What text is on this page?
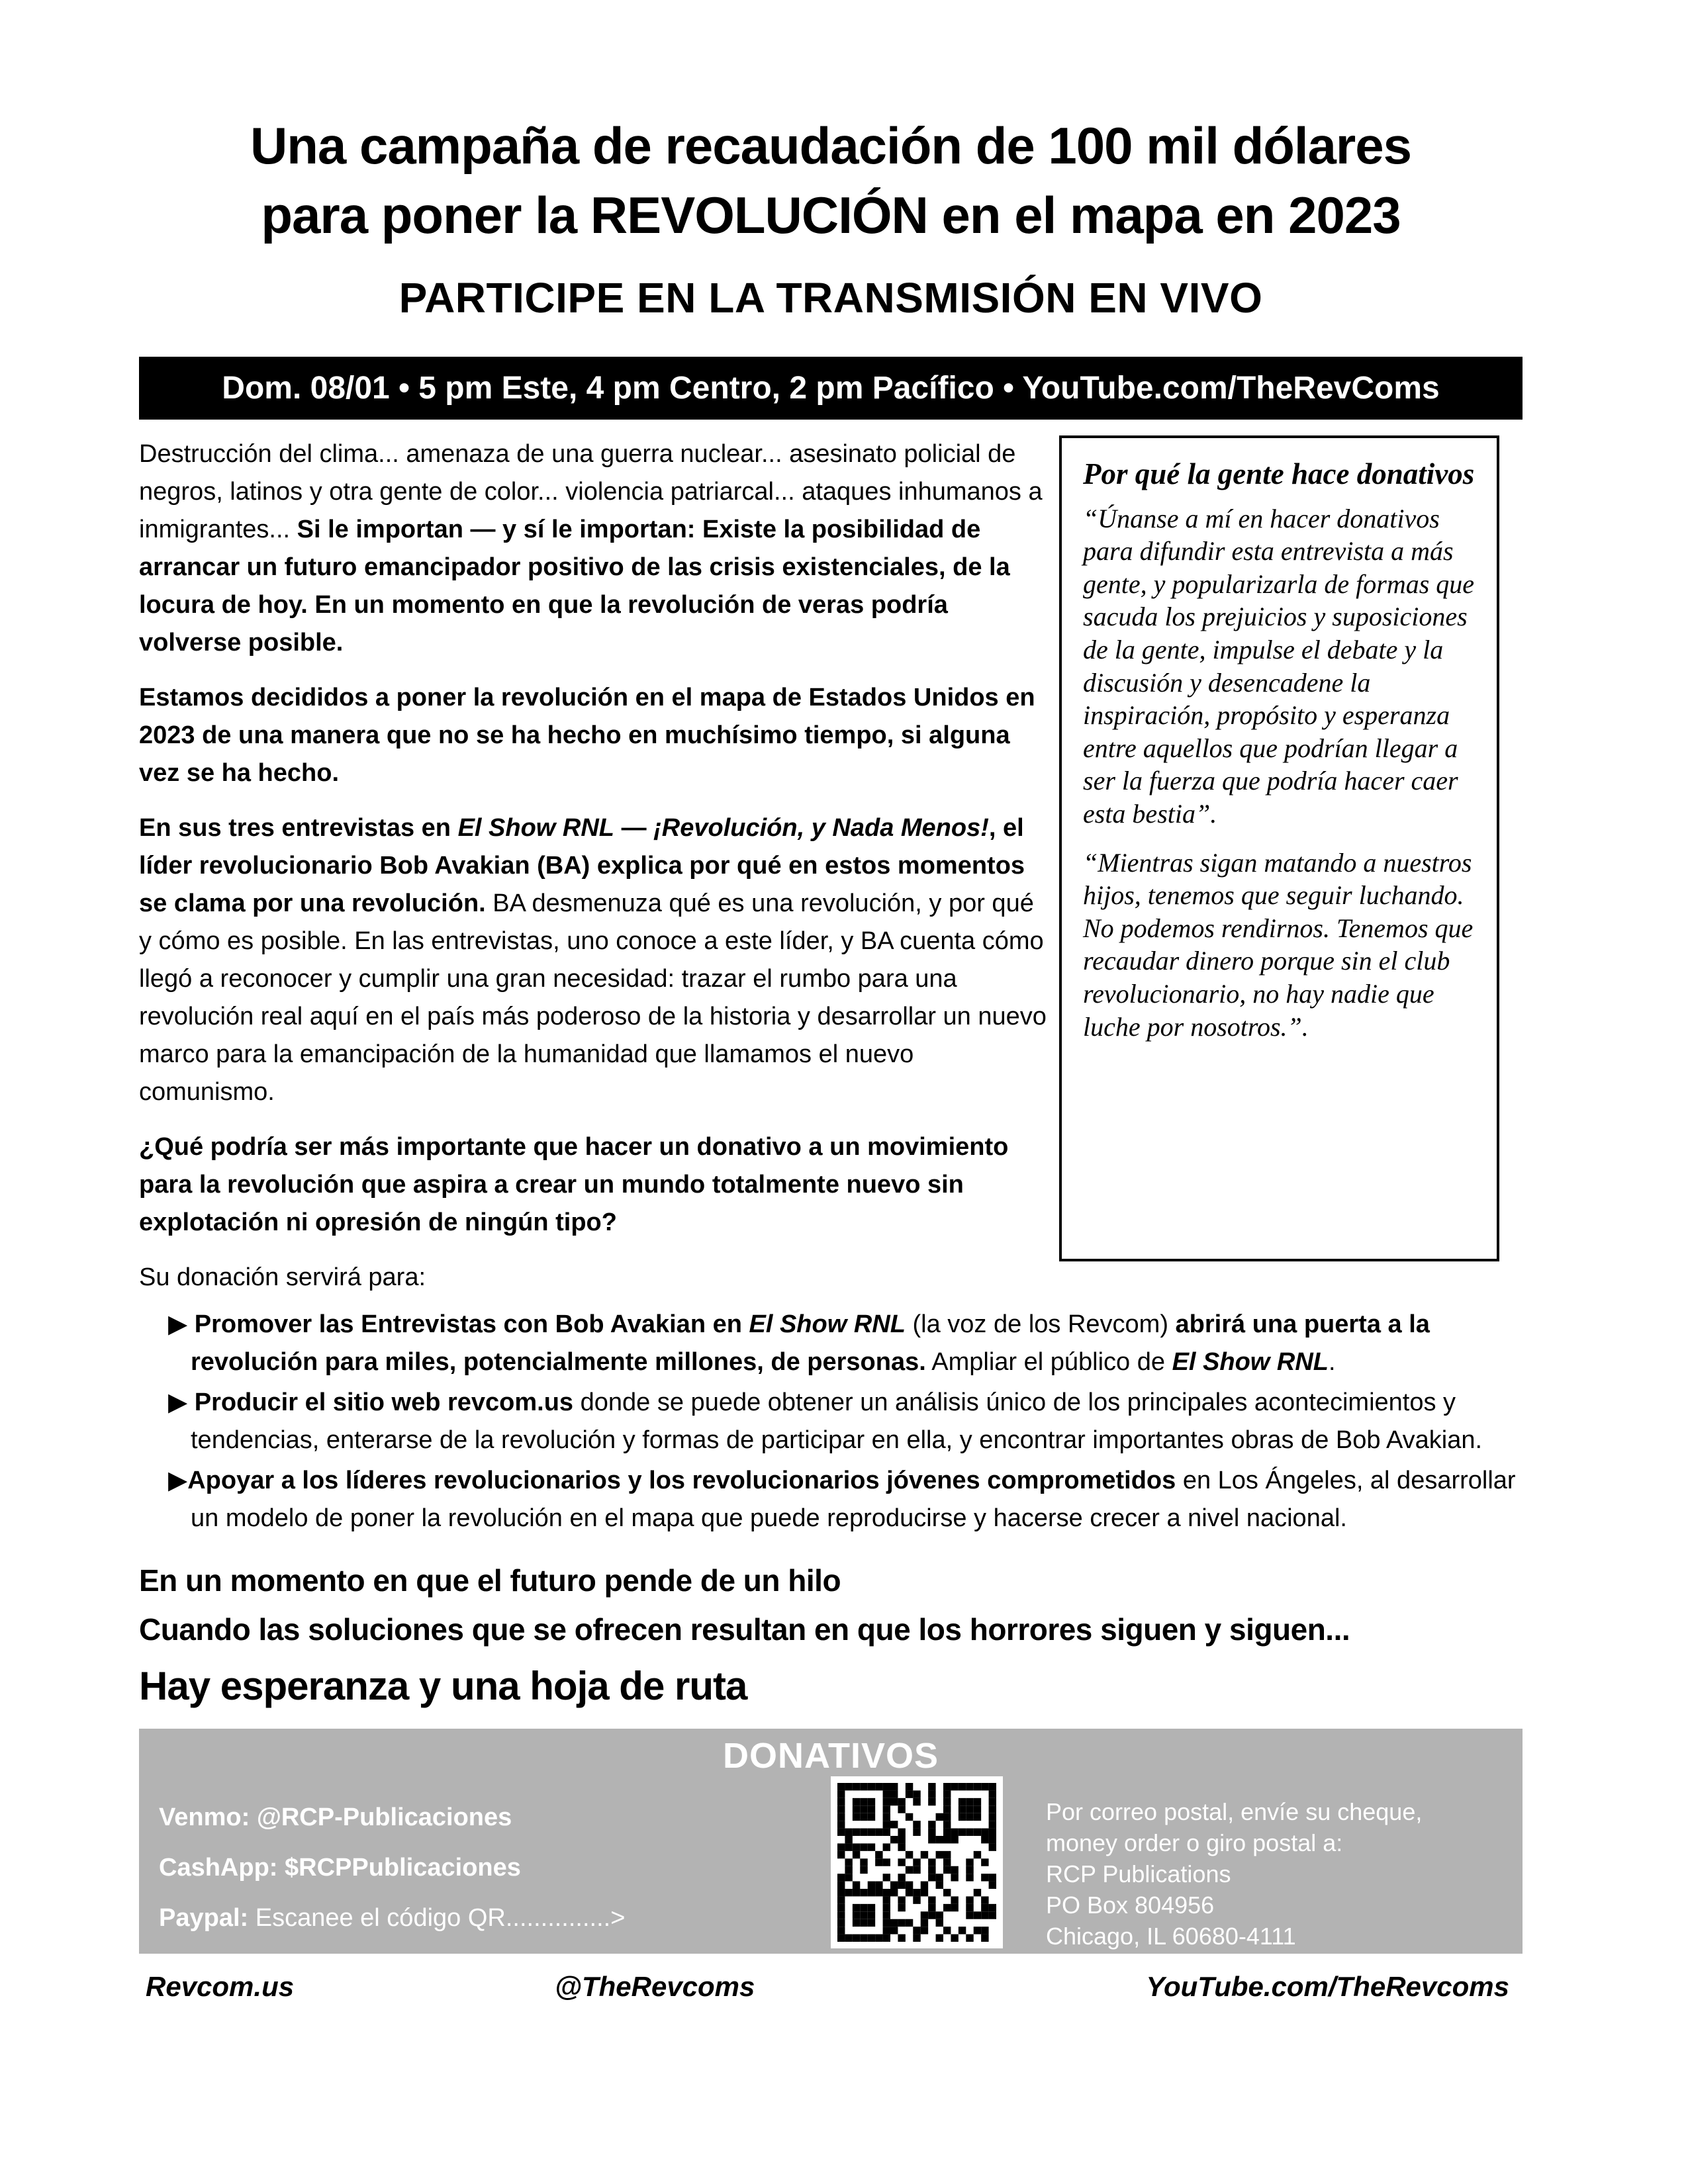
Una campaña de recaudación de 100 mil dólares
para poner la REVOLUCIÓN en el mapa en 2023
PARTICIPE EN LA TRANSMISIÓN EN VIVO
Dom. 08/01 • 5 pm Este, 4 pm Centro, 2 pm Pacífico • YouTube.com/TheRevComs
Por qué la gente hace donativos

“Únanse a mí en hacer donativos para difundir esta entrevista a más gente, y popularizarla de formas que sacuda los prejuicios y suposiciones de la gente, impulse el debate y la discusión y desencadene la inspiración, propósito y esperanza entre aquellos que podrían llegar a ser la fuerza que podría hacer caer esta bestia”.

“Mientras sigan matando a nuestros hijos, tenemos que seguir luchando. No podemos rendirnos. Tenemos que recaudar dinero porque sin el club revolucionario, no hay nadie que luche por nosotros.”.

Destrucción del clima... amenaza de una guerra nuclear... asesinato policial de negros, latinos y otra gente de color... violencia patriarcal... ataques inhumanos a inmigrantes... Si le importan — y sí le importan: Existe la posibilidad de arrancar un futuro emancipador positivo de las crisis existenciales, de la locura de hoy. En un momento en que la revolución de veras podría volverse posible.

Estamos decididos a poner la revolución en el mapa de Estados Unidos en 2023 de una manera que no se ha hecho en muchísimo tiempo, si alguna vez se ha hecho.

En sus tres entrevistas en El Show RNL — ¡Revolución, y Nada Menos!, el líder revolucionario Bob Avakian (BA) explica por qué en estos momentos se clama por una revolución. BA desmenuza qué es una revolución, y por qué y cómo es posible. En las entrevistas, uno conoce a este líder, y BA cuenta cómo llegó a reconocer y cumplir una gran necesidad: trazar el rumbo para una revolución real aquí en el país más poderoso de la historia y desarrollar un nuevo marco para la emancipación de la humanidad que llamamos el nuevo comunismo.

¿Qué podría ser más importante que hacer un donativo a un movimiento para la revolución que aspira a crear un mundo totalmente nuevo sin explotación ni opresión de ningún tipo?

Su donación servirá para:

▶ Promover las Entrevistas con Bob Avakian en El Show RNL (la voz de los Revcom) abrirá una puerta a la revolución para miles, potencialmente millones, de personas. Ampliar el público de El Show RNL.
▶ Producir el sitio web revcom.us donde se puede obtener un análisis único de los principales acontecimientos y tendencias, enterarse de la revolución y formas de participar en ella, y encontrar importantes obras de Bob Avakian.
▶Apoyar a los líderes revolucionarios y los revolucionarios jóvenes comprometidos en Los Ángeles, al desarrollar un modelo de poner la revolución en el mapa que puede reproducirse y hacerse crecer a nivel nacional.
En un momento en que el futuro pende de un hilo
Cuando las soluciones que se ofrecen resultan en que los horrores siguen y siguen...
Hay esperanza y una hoja de ruta
DONATIVOS
Venmo: @RCP-Publicaciones
CashApp: $RCPPublicaciones
Paypal: Escanee el código QR...............>
Por correo postal, envíe su cheque,
money order o giro postal a:
RCP Publications
PO Box 804956
Chicago, IL 60680-4111
Revcom.us	@TheRevcoms	YouTube.com/TheRevcoms
